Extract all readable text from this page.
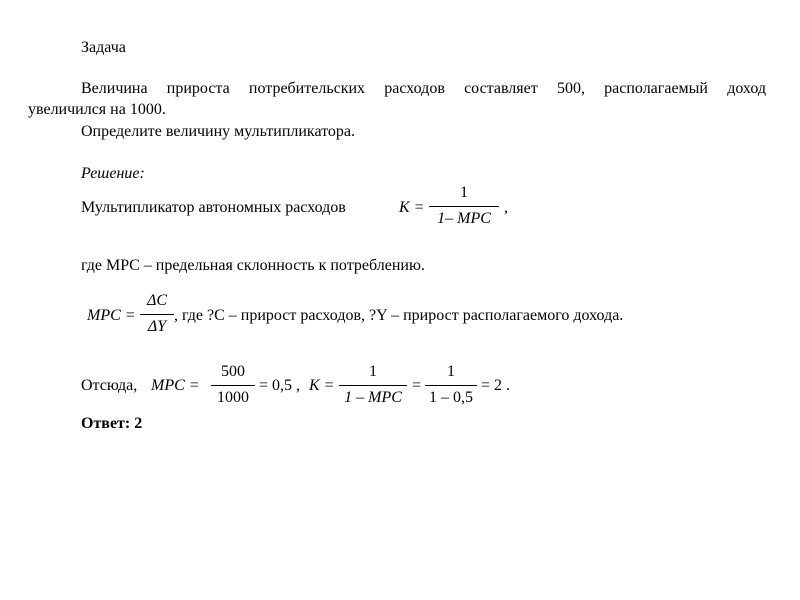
Задача
Величина прироста потребительских расходов составляет 500, располагаемый доход
увеличился на 1000.
Определите величину мультипликатора.
Решение:
Мультипликатор автономных расходов	K =
1
1– MPC
,
где MPC – предельная склонность к потреблению.
MPC =
ΔC
ΔY
, где ?C – прирост расходов, ?Y – прирост располагаемого дохода.
Отсюда, MPC =
500
1000
= 0,5 , K =
1
1 – MPC
=
1
1 – 0,5
= 2 .
Ответ: 2
